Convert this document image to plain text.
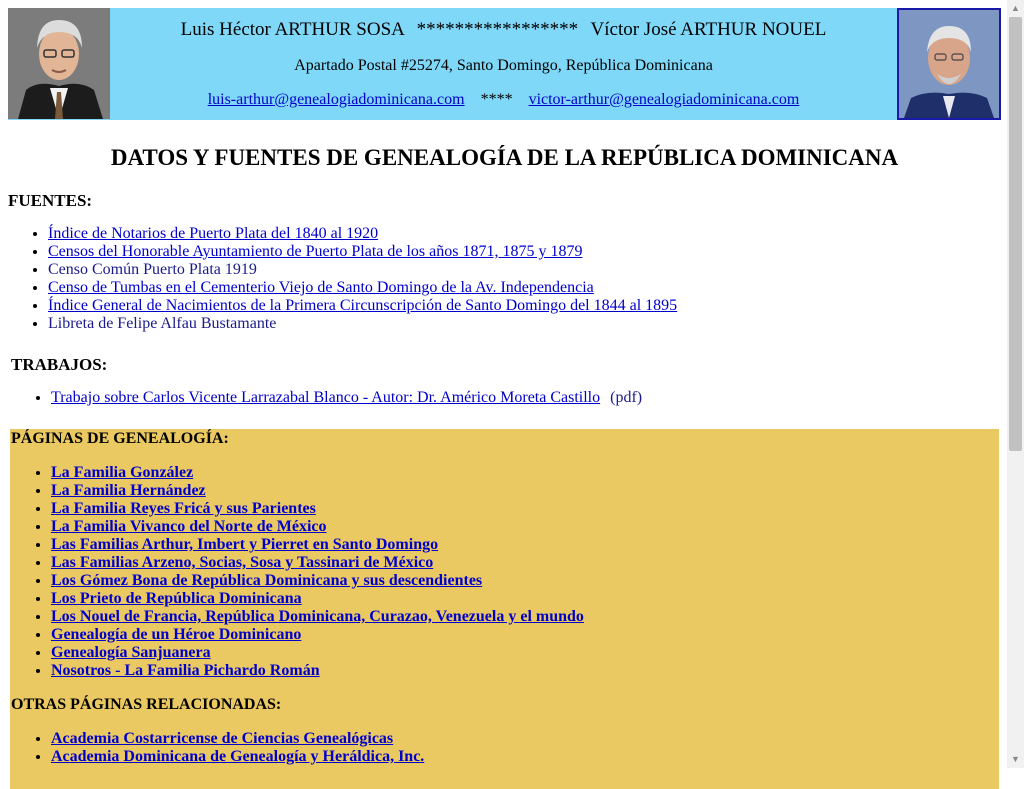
Luis Héctor ARTHUR SOSA ***************** Víctor José ARTHUR NOUEL
Apartado Postal #25274, Santo Domingo, República Dominicana
luis-arthur@genealogiadominicana.com **** victor-arthur@genealogiadominicana.com
DATOS Y FUENTES DE GENEALOGÍA DE LA REPÚBLICA DOMINICANA
FUENTES:
• Índice de Notarios de Puerto Plata del 1840 al 1920
• Censos del Honorable Ayuntamiento de Puerto Plata de los años 1871, 1875 y 1879
• Censo Común Puerto Plata 1919
• Censo de Tumbas en el Cementerio Viejo de Santo Domingo de la Av. Independencia
• Índice General de Nacimientos de la Primera Circunscripción de Santo Domingo del 1844 al 1895
• Libreta de Felipe Alfau Bustamante
TRABAJOS:
• Trabajo sobre Carlos Vicente Larrazabal Blanco - Autor: Dr. Américo Moreta Castillo (pdf)
PÁGINAS DE GENEALOGÍA:
• La Familia González
• La Familia Hernández
• La Familia Reyes Fricá y sus Parientes
• La Familia Vivanco del Norte de México
• Las Familias Arthur, Imbert y Pierret en Santo Domingo
• Las Familias Arzeno, Socias, Sosa y Tassinari de México
• Los Gómez Bona de República Dominicana y sus descendientes
• Los Prieto de República Dominicana
• Los Nouel de Francia, República Dominicana, Curazao, Venezuela y el mundo
• Genealogía de un Héroe Dominicano
• Genealogía Sanjuanera
• Nosotros - La Familia Pichardo Román
OTRAS PÁGINAS RELACIONADAS:
• Academia Costarricense de Ciencias Genealógicas
• Academia Dominicana de Genealogía y Heráldica, Inc.
▲
▼
